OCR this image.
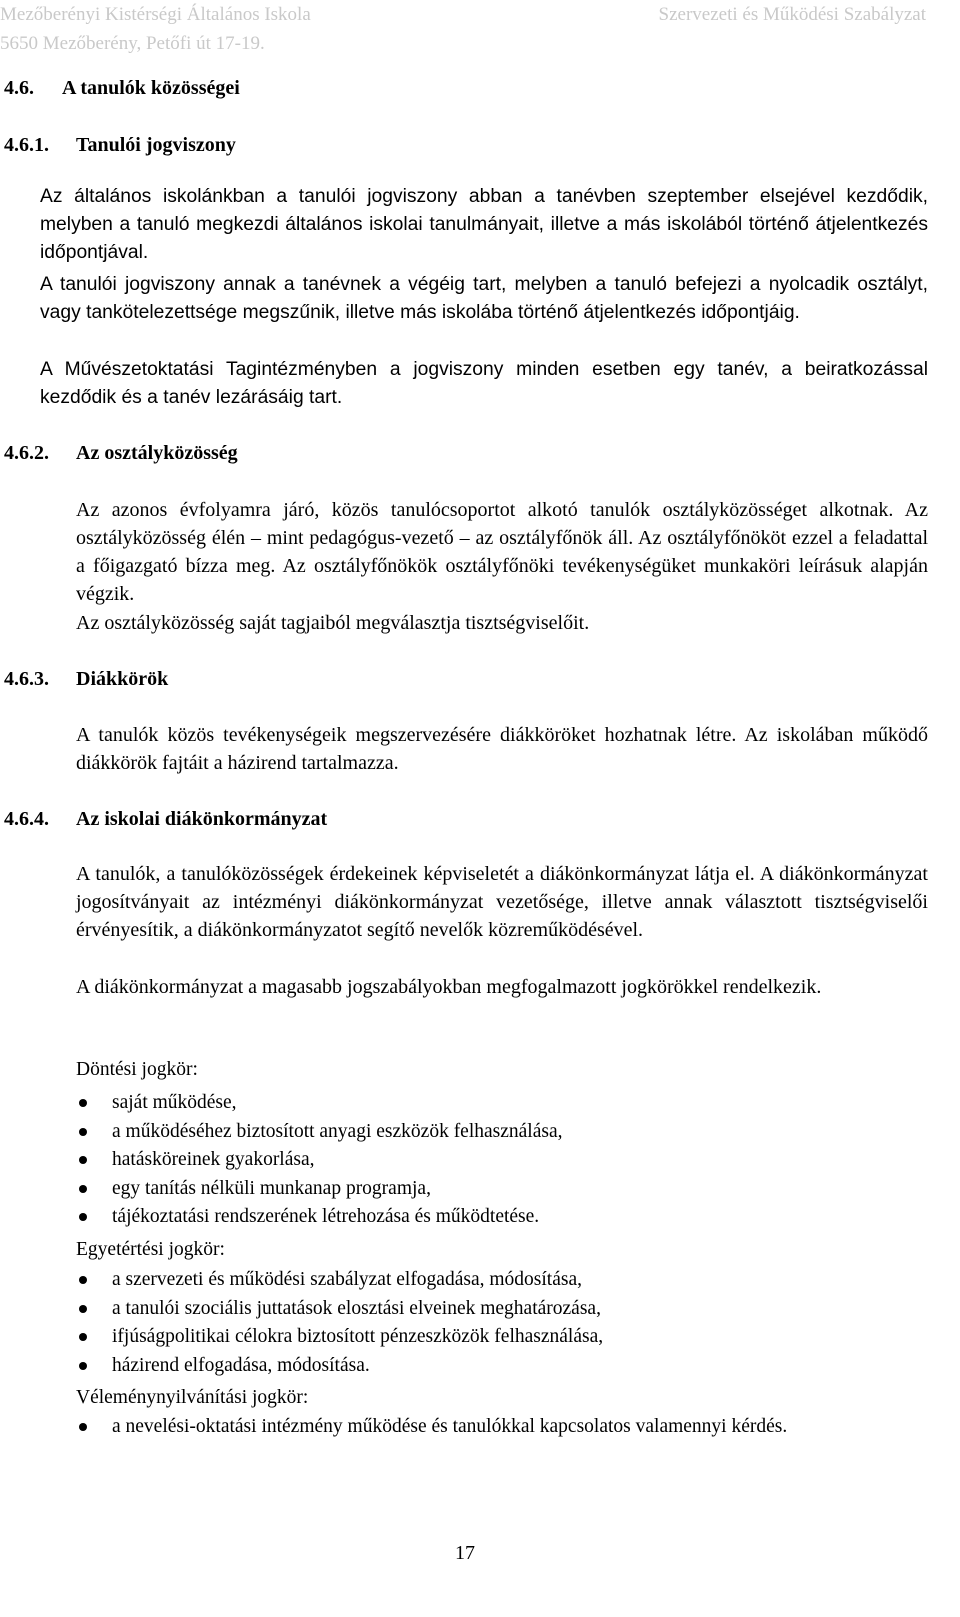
Mezőberényi Kistérségi Általános Iskola	Szervezeti és Működési Szabályzat
5650 Mezőberény, Petőfi út 17-19.
4.6. A tanulók közösségei
4.6.1. Tanulói jogviszony
Az általános iskolánkban a tanulói jogviszony abban a tanévben szeptember elsejével kezdődik, melyben a tanuló megkezdi általános iskolai tanulmányait, illetve a más iskolából történő átjelentkezés időpontjával.
A tanulói jogviszony annak a tanévnek a végéig tart, melyben a tanuló befejezi a nyolcadik osztályt, vagy tankötelezettsége megszűnik, illetve más iskolába történő átjelentkezés időpontjáig.
A Művészetoktatási Tagintézményben a jogviszony minden esetben egy tanév, a beiratkozással kezdődik és a tanév lezárásáig tart.
4.6.2. Az osztályközösség
Az azonos évfolyamra járó, közös tanulócsoportot alkotó tanulók osztályközösséget alkotnak. Az osztályközösség élén – mint pedagógus-vezető – az osztályfőnök áll. Az osztályfőnököt ezzel a feladattal a főigazgató bízza meg. Az osztályfőnökök osztályfőnöki tevékenységüket munkaköri leírásuk alapján végzik.
Az osztályközösség saját tagjaiból megválasztja tisztségviselőit.
4.6.3. Diákkörök
A tanulók közös tevékenységeik megszervezésére diákköröket hozhatnak létre. Az iskolában működő diákkörök fajtáit a házirend tartalmazza.
4.6.4. Az iskolai diákönkormányzat
A tanulók, a tanulóközösségek érdekeinek képviseletét a diákönkormányzat látja el. A diákönkormányzat jogosítványait az intézményi diákönkormányzat vezetősége, illetve annak választott tisztségviselői érvényesítik, a diákönkormányzatot segítő nevelők közreműködésével.
A diákönkormányzat a magasabb jogszabályokban megfogalmazott jogkörökkel rendelkezik.
Döntési jogkör:
saját működése,
a működéséhez biztosított anyagi eszközök felhasználása,
hatásköreinek gyakorlása,
egy tanítás nélküli munkanap programja,
tájékoztatási rendszerének létrehozása és működtetése.
Egyetértési jogkör:
a szervezeti és működési szabályzat elfogadása, módosítása,
a tanulói szociális juttatások elosztási elveinek meghatározása,
ifjúságpolitikai célokra biztosított pénzeszközök felhasználása,
házirend elfogadása, módosítása.
Véleménynyilvánítási jogkör:
a nevelési-oktatási intézmény működése és tanulókkal kapcsolatos valamennyi kérdés.
17
